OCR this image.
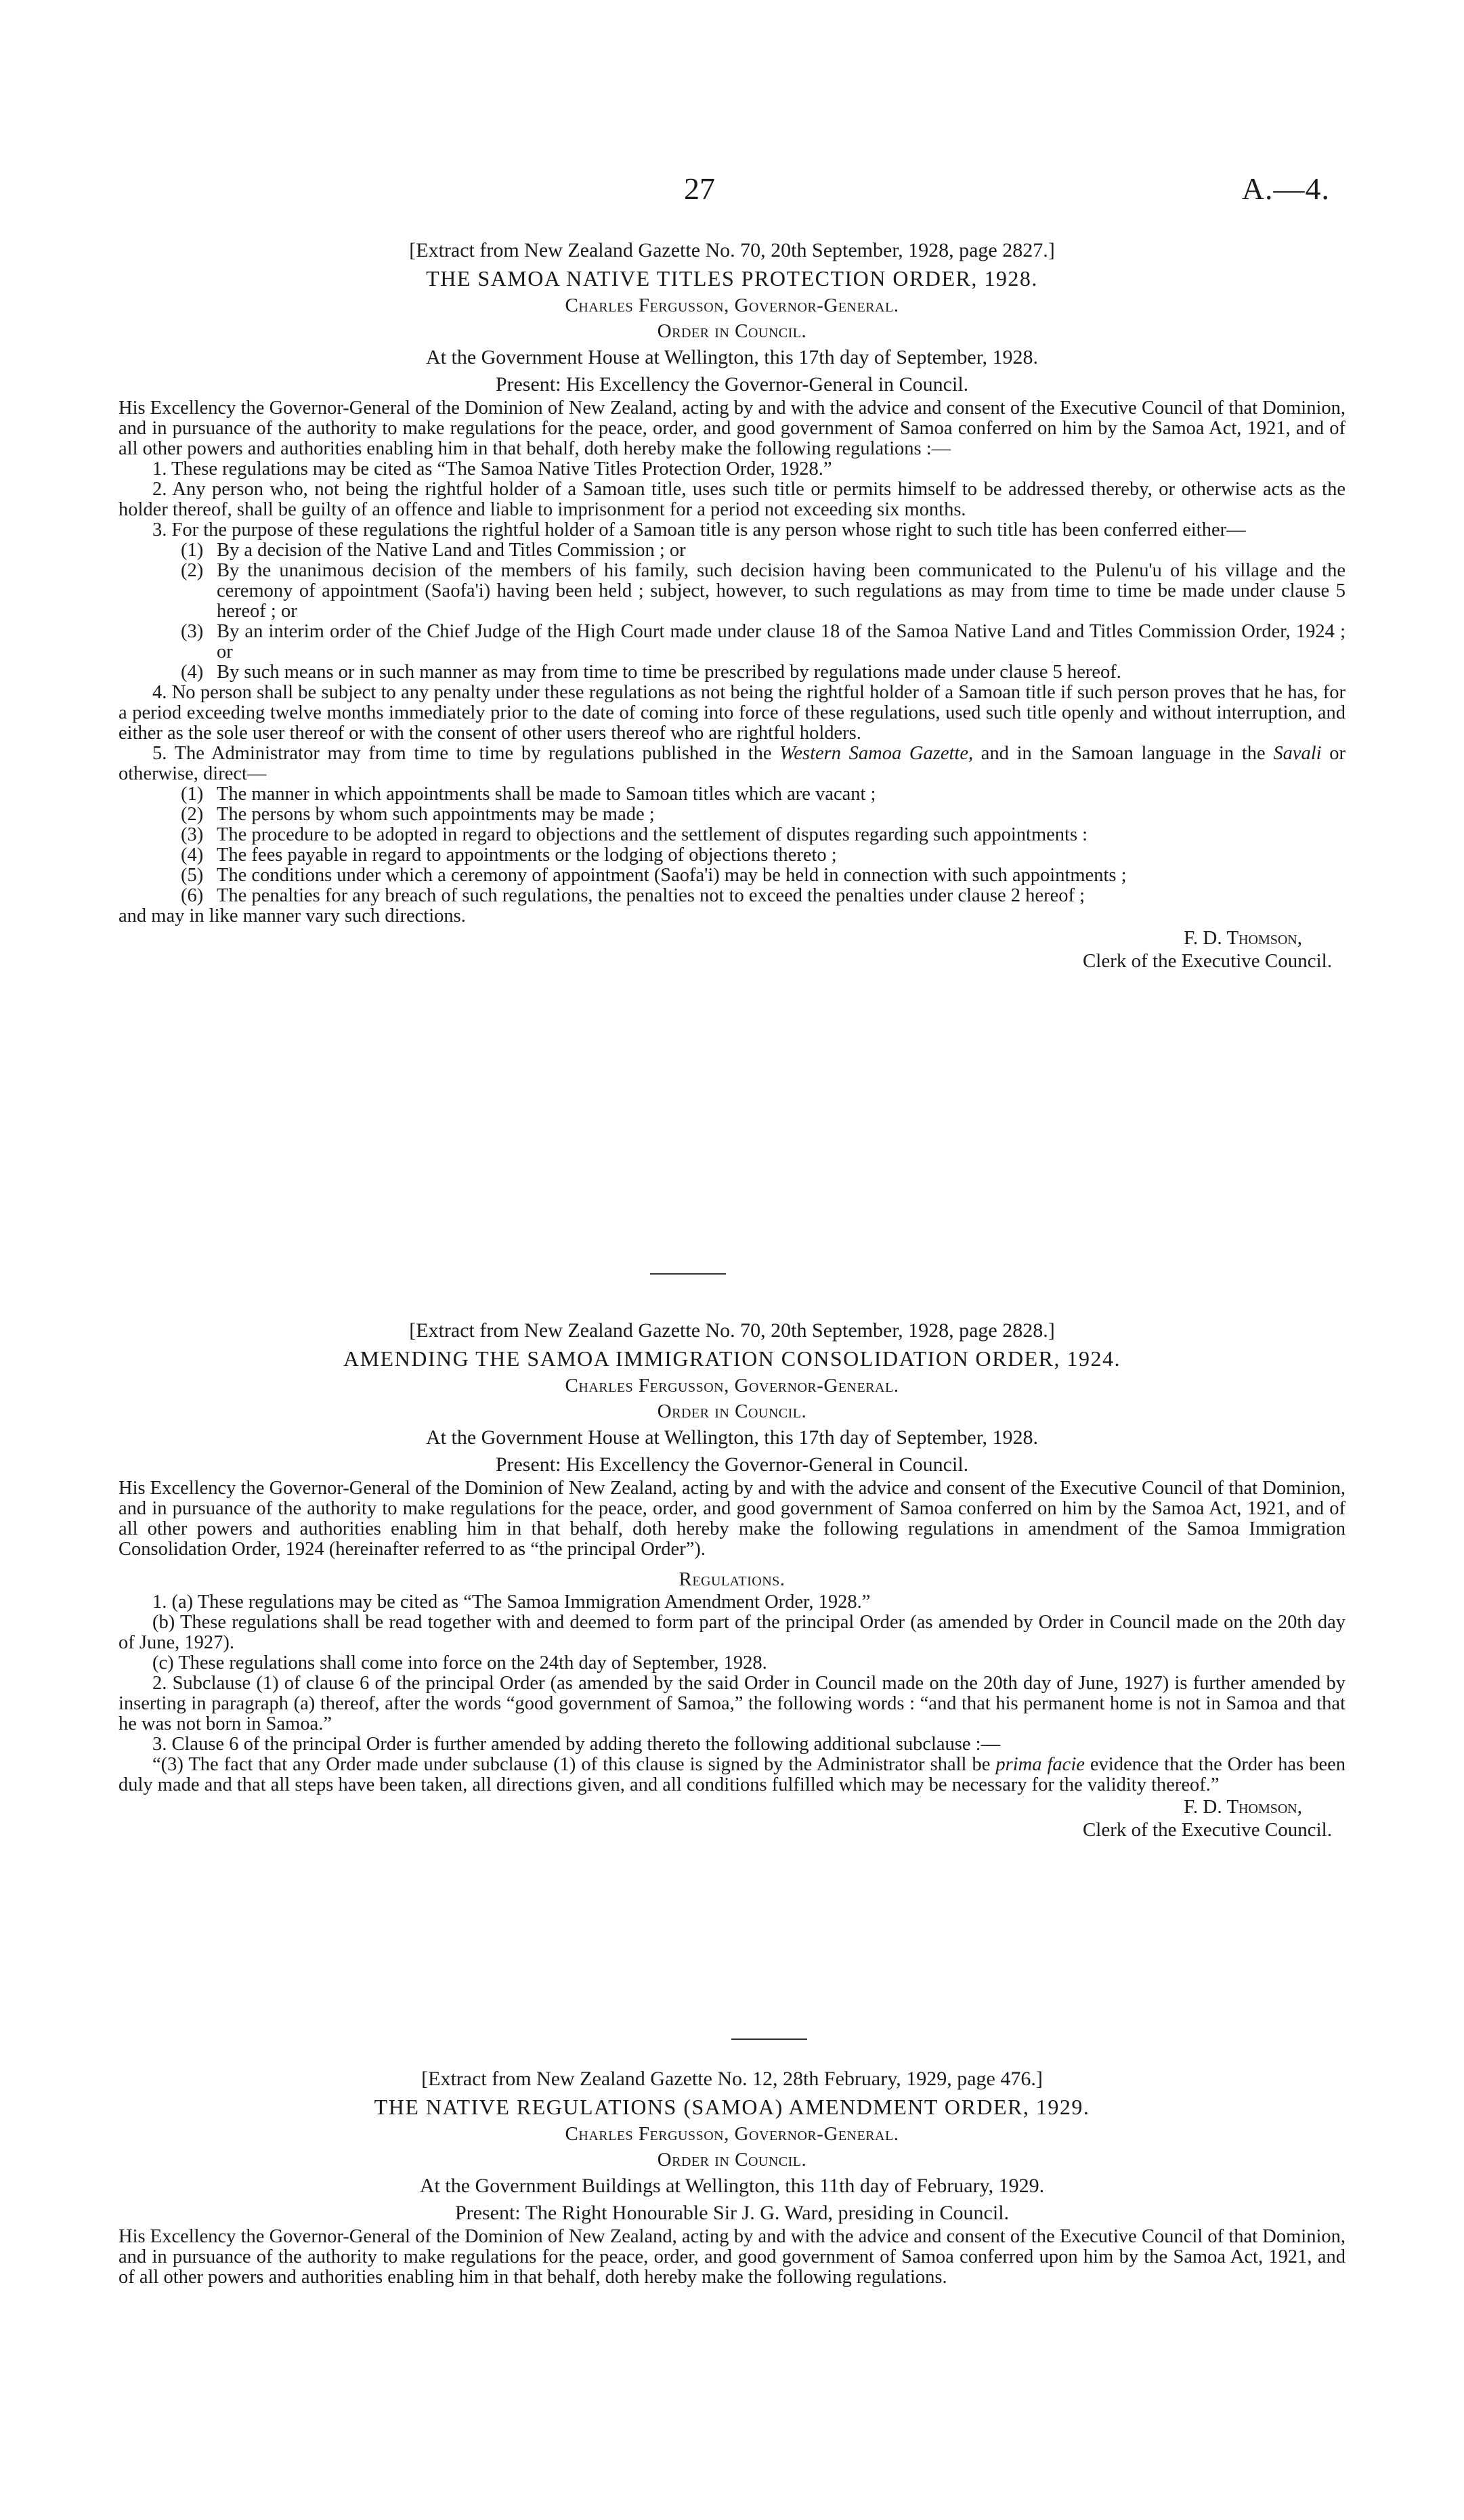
27	A.—4.
[Extract from New Zealand Gazette No. 70, 20th September, 1928, page 2827.]
THE SAMOA NATIVE TITLES PROTECTION ORDER, 1928.
Charles Fergusson, Governor-General.
Order in Council.
At the Government House at Wellington, this 17th day of September, 1928.
Present: His Excellency the Governor-General in Council.

His Excellency the Governor-General of the Dominion of New Zealand, acting by and with the advice and consent of the Executive Council of that Dominion, and in pursuance of the authority to make regulations for the peace, order, and good government of Samoa conferred on him by the Samoa Act, 1921, and of all other powers and authorities enabling him in that behalf, doth hereby make the following regulations :—

1. These regulations may be cited as “The Samoa Native Titles Protection Order, 1928.”

2. Any person who, not being the rightful holder of a Samoan title, uses such title or permits himself to be addressed thereby, or otherwise acts as the holder thereof, shall be guilty of an offence and liable to imprisonment for a period not exceeding six months.

3. For the purpose of these regulations the rightful holder of a Samoan title is any person whose right to such title has been conferred either—

(1) By a decision of the Native Land and Titles Commission ; or
(2) By the unanimous decision of the members of his family, such decision having been communicated to the Pulenu'u of his village and the ceremony of appointment (Saofa'i) having been held ; subject, however, to such regulations as may from time to time be made under clause 5 hereof ; or
(3) By an interim order of the Chief Judge of the High Court made under clause 18 of the Samoa Native Land and Titles Commission Order, 1924 ; or
(4) By such means or in such manner as may from time to time be prescribed by regulations made under clause 5 hereof.

4. No person shall be subject to any penalty under these regulations as not being the rightful holder of a Samoan title if such person proves that he has, for a period exceeding twelve months immediately prior to the date of coming into force of these regulations, used such title openly and without interruption, and either as the sole user thereof or with the consent of other users thereof who are rightful holders.

5. The Administrator may from time to time by regulations published in the Western Samoa Gazette, and in the Samoan language in the Savali or otherwise, direct—

(1) The manner in which appointments shall be made to Samoan titles which are vacant ;
(2) The persons by whom such appointments may be made ;
(3) The procedure to be adopted in regard to objections and the settlement of disputes regarding such appointments :
(4) The fees payable in regard to appointments or the lodging of objections thereto ;
(5) The conditions under which a ceremony of appointment (Saofa'i) may be held in connection with such appointments ;
(6) The penalties for any breach of such regulations, the penalties not to exceed the penalties under clause 2 hereof ;

and may in like manner vary such directions.

F. D. Thomson,
Clerk of the Executive Council.
[Extract from New Zealand Gazette No. 70, 20th September, 1928, page 2828.]
AMENDING THE SAMOA IMMIGRATION CONSOLIDATION ORDER, 1924.
Charles Fergusson, Governor-General.
Order in Council.
At the Government House at Wellington, this 17th day of September, 1928.
Present: His Excellency the Governor-General in Council.

His Excellency the Governor-General of the Dominion of New Zealand, acting by and with the advice and consent of the Executive Council of that Dominion, and in pursuance of the authority to make regulations for the peace, order, and good government of Samoa conferred on him by the Samoa Act, 1921, and of all other powers and authorities enabling him in that behalf, doth hereby make the following regulations in amendment of the Samoa Immigration Consolidation Order, 1924 (hereinafter referred to as “the principal Order”).

Regulations.

1. (a) These regulations may be cited as “The Samoa Immigration Amendment Order, 1928.”

(b) These regulations shall be read together with and deemed to form part of the principal Order (as amended by Order in Council made on the 20th day of June, 1927).

(c) These regulations shall come into force on the 24th day of September, 1928.

2. Subclause (1) of clause 6 of the principal Order (as amended by the said Order in Council made on the 20th day of June, 1927) is further amended by inserting in paragraph (a) thereof, after the words “good government of Samoa,” the following words : “and that his permanent home is not in Samoa and that he was not born in Samoa.”

3. Clause 6 of the principal Order is further amended by adding thereto the following additional subclause :—

“(3) The fact that any Order made under subclause (1) of this clause is signed by the Administrator shall be prima facie evidence that the Order has been duly made and that all steps have been taken, all directions given, and all conditions fulfilled which may be necessary for the validity thereof.”

F. D. Thomson,
Clerk of the Executive Council.
[Extract from New Zealand Gazette No. 12, 28th February, 1929, page 476.]
THE NATIVE REGULATIONS (SAMOA) AMENDMENT ORDER, 1929.
Charles Fergusson, Governor-General.
Order in Council.
At the Government Buildings at Wellington, this 11th day of February, 1929.
Present: The Right Honourable Sir J. G. Ward, presiding in Council.

His Excellency the Governor-General of the Dominion of New Zealand, acting by and with the advice and consent of the Executive Council of that Dominion, and in pursuance of the authority to make regulations for the peace, order, and good government of Samoa conferred upon him by the Samoa Act, 1921, and of all other powers and authorities enabling him in that behalf, doth hereby make the following regulations.
